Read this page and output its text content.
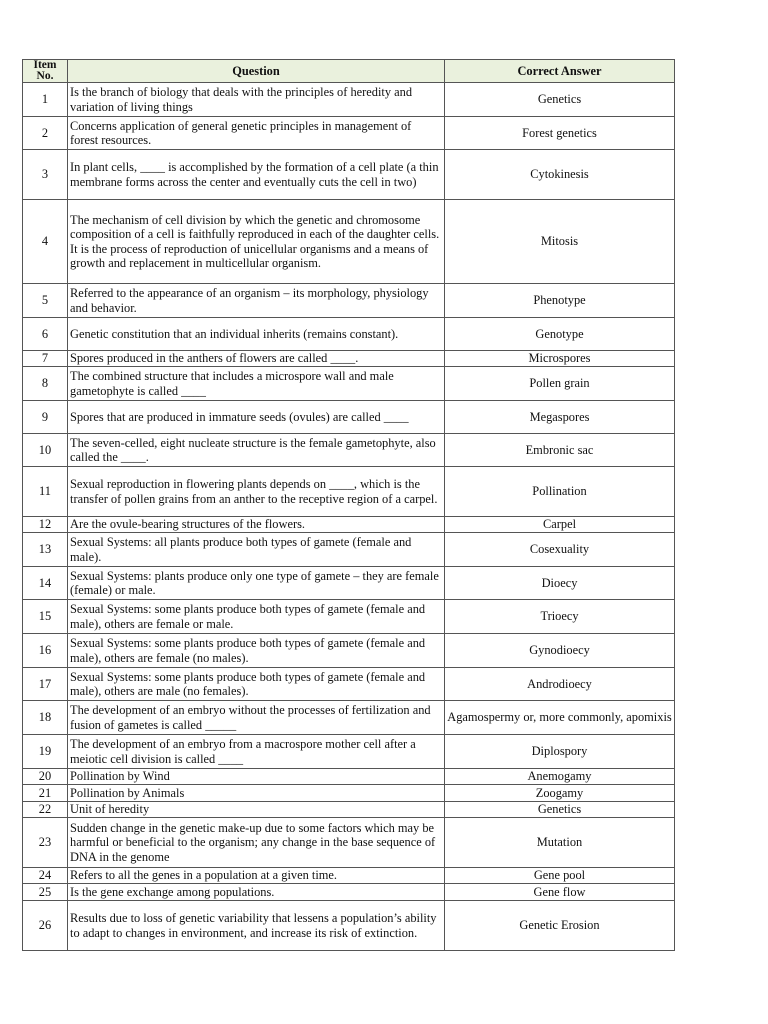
Item No.	Question	Correct Answer
1	Is the branch of biology that deals with the principles of heredity and variation of living things	Genetics
2	Concerns application of general genetic principles in management of forest resources.	Forest genetics
3	In plant cells, ____ is accomplished by the formation of a cell plate (a thin membrane forms across the center and eventually cuts the cell in two)	Cytokinesis
4	The mechanism of cell division by which the genetic and chromosome composition of a cell is faithfully reproduced in each of the daughter cells. It is the process of reproduction of unicellular organisms and a means of growth and replacement in multicellular organism.	Mitosis
5	Referred to the appearance of an organism – its morphology, physiology and behavior.	Phenotype
6	Genetic constitution that an individual inherits (remains constant).	Genotype
7	Spores produced in the anthers of flowers are called ____.	Microspores
8	The combined structure that includes a microspore wall and male gametophyte is called ____	Pollen grain
9	Spores that are produced in immature seeds (ovules) are called ____	Megaspores
10	The seven-celled, eight nucleate structure is the female gametophyte, also called the ____.	Embronic sac
11	Sexual reproduction in flowering plants depends on ____, which is the transfer of pollen grains from an anther to the receptive region of a carpel.	Pollination
12	Are the ovule-bearing structures of the flowers.	Carpel
13	Sexual Systems: all plants produce both types of gamete (female and male).	Cosexuality
14	Sexual Systems: plants produce only one type of gamete – they are female (female) or male.	Dioecy
15	Sexual Systems: some plants produce both types of gamete (female and male), others are female or male.	Trioecy
16	Sexual Systems: some plants produce both types of gamete (female and male), others are female (no males).	Gynodioecy
17	Sexual Systems: some plants produce both types of gamete (female and male), others are male (no females).	Androdioecy
18	The development of an embryo without the processes of fertilization and fusion of gametes is called _____	Agamospermy or, more commonly, apomixis
19	The development of an embryo from a macrospore mother cell after a meiotic cell division is called ____	Diplospory
20	Pollination by Wind	Anemogamy
21	Pollination by Animals	Zoogamy
22	Unit of heredity	Genetics
23	Sudden change in the genetic make-up due to some factors which may be harmful or beneficial to the organism; any change in the base sequence of DNA in the genome	Mutation
24	Refers to all the genes in a population at a given time.	Gene pool
25	Is the gene exchange among populations.	Gene flow
26	Results due to loss of genetic variability that lessens a population’s ability to adapt to changes in environment, and increase its risk of extinction.	Genetic Erosion
